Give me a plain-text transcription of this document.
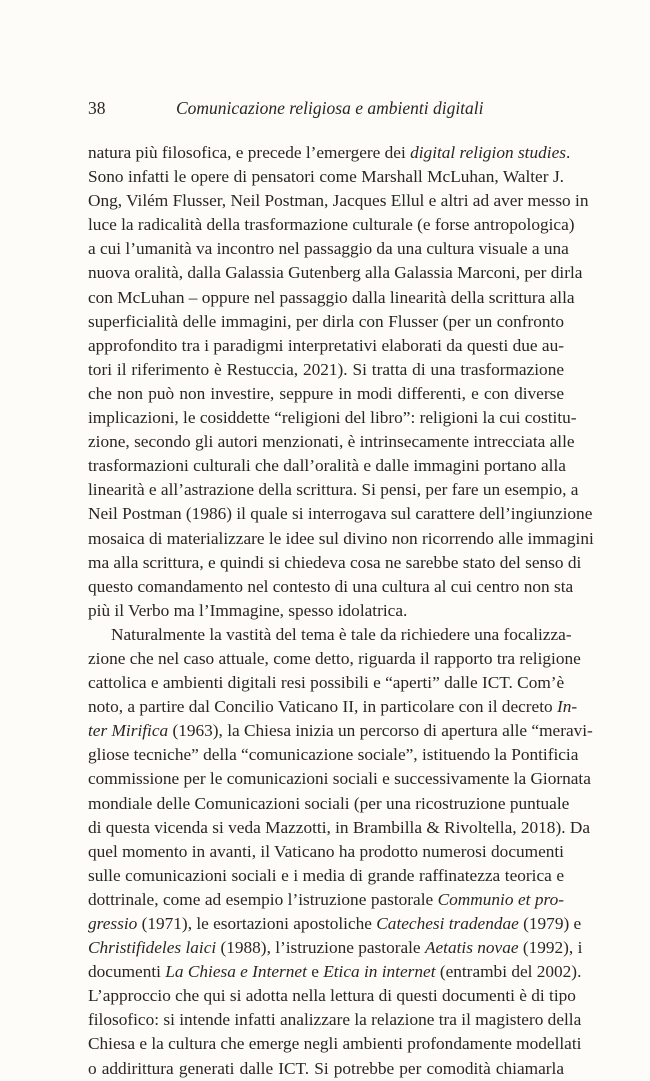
38	Comunicazione religiosa e ambienti digitali
natura più filosofica, e precede l’emergere dei digital religion studies.
Sono infatti le opere di pensatori come Marshall McLuhan, Walter J.
Ong, Vilém Flusser, Neil Postman, Jacques Ellul e altri ad aver messo in
luce la radicalità della trasformazione culturale (e forse antropologica)
a cui l’umanità va incontro nel passaggio da una cultura visuale a una
nuova oralità, dalla Galassia Gutenberg alla Galassia Marconi, per dirla
con McLuhan – oppure nel passaggio dalla linearità della scrittura alla
superficialità delle immagini, per dirla con Flusser (per un confronto
approfondito tra i paradigmi interpretativi elaborati da questi due au-
tori il riferimento è Restuccia, 2021). Si tratta di una trasformazione
che non può non investire, seppure in modi differenti, e con diverse
implicazioni, le cosiddette “religioni del libro”: religioni la cui costitu-
zione, secondo gli autori menzionati, è intrinsecamente intrecciata alle
trasformazioni culturali che dall’oralità e dalle immagini portano alla
linearità e all’astrazione della scrittura. Si pensi, per fare un esempio, a
Neil Postman (1986) il quale si interrogava sul carattere dell’ingiunzione
mosaica di materializzare le idee sul divino non ricorrendo alle immagini
ma alla scrittura, e quindi si chiedeva cosa ne sarebbe stato del senso di
questo comandamento nel contesto di una cultura al cui centro non sta
più il Verbo ma l’Immagine, spesso idolatrica.
Naturalmente la vastità del tema è tale da richiedere una focalizza-
zione che nel caso attuale, come detto, riguarda il rapporto tra religione
cattolica e ambienti digitali resi possibili e “aperti” dalle ICT. Com’è
noto, a partire dal Concilio Vaticano II, in particolare con il decreto In-
ter Mirifica (1963), la Chiesa inizia un percorso di apertura alle “meravi-
gliose tecniche” della “comunicazione sociale”, istituendo la Pontificia
commissione per le comunicazioni sociali e successivamente la Giornata
mondiale delle Comunicazioni sociali (per una ricostruzione puntuale
di questa vicenda si veda Mazzotti, in Brambilla & Rivoltella, 2018). Da
quel momento in avanti, il Vaticano ha prodotto numerosi documenti
sulle comunicazioni sociali e i media di grande raffinatezza teorica e
dottrinale, come ad esempio l’istruzione pastorale Communio et pro-
gressio (1971), le esortazioni apostoliche Catechesi tradendae (1979) e
Christifideles laici (1988), l’istruzione pastorale Aetatis novae (1992), i
documenti La Chiesa e Internet e Etica in internet (entrambi del 2002).
L’approccio che qui si adotta nella lettura di questi documenti è di tipo
filosofico: si intende infatti analizzare la relazione tra il magistero della
Chiesa e la cultura che emerge negli ambienti profondamente modellati
o addirittura generati dalle ICT. Si potrebbe per comodità chiamarla
